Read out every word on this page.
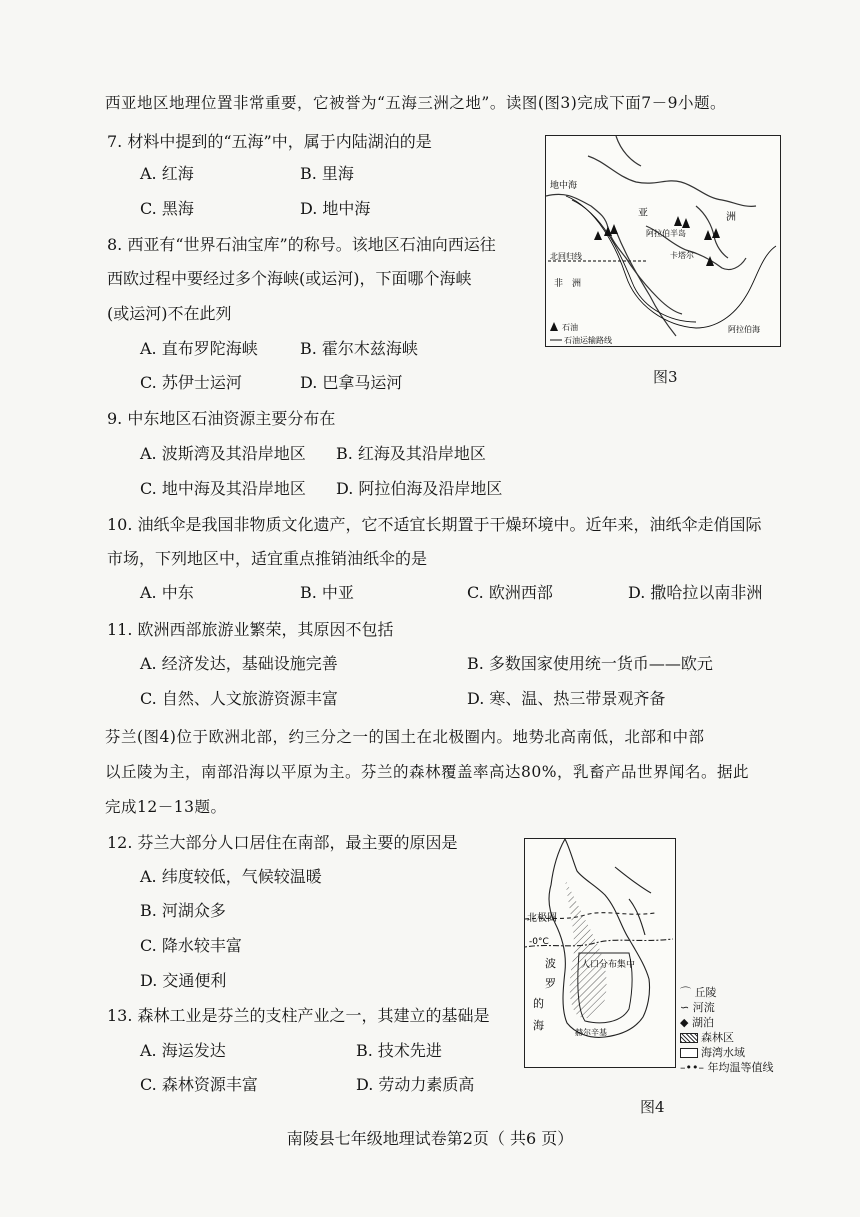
西亚地区地理位置非常重要，它被誉为“五海三洲之地”。读图(图3)完成下面7－9小题。
7. 材料中提到的“五海”中，属于内陆湖泊的是
A. 红海	B. 里海
C. 黑海	D. 地中海
8. 西亚有“世界石油宝库”的称号。该地区石油向西运往
西欧过程中要经过多个海峡(或运河)，下面哪个海峡
(或运河)不在此列
A. 直布罗陀海峡	B. 霍尔木兹海峡
C. 苏伊士运河	D. 巴拿马运河
地中海
亚	洲
阿拉伯半岛
北回归线	卡塔尔
非 洲
阿拉伯海
石油
石油运输路线
图3
9. 中东地区石油资源主要分布在
A. 波斯湾及其沿岸地区 B. 红海及其沿岸地区
C. 地中海及其沿岸地区 D. 阿拉伯海及沿岸地区
10. 油纸伞是我国非物质文化遗产，它不适宜长期置于干燥环境中。近年来，油纸伞走俏国际
市场，下列地区中，适宜重点推销油纸伞的是
A. 中东	B. 中亚	C. 欧洲西部	D. 撒哈拉以南非洲
11. 欧洲西部旅游业繁荣，其原因不包括
A. 经济发达，基础设施完善	B. 多数国家使用统一货币——欧元
C. 自然、人文旅游资源丰富	D. 寒、温、热三带景观齐备
芬兰(图4)位于欧洲北部，约三分之一的国土在北极圈内。地势北高南低，北部和中部
以丘陵为主，南部沿海以平原为主。芬兰的森林覆盖率高达80%，乳畜产品世界闻名。据此
完成12－13题。
12. 芬兰大部分人口居住在南部，最主要的原因是
A. 纬度较低，气候较温暖
B. 河湖众多
C. 降水较丰富
D. 交通便利
13. 森林工业是芬兰的支柱产业之一，其建立的基础是
A. 海运发达	B. 技术先进
C. 森林资源丰富	D. 劳动力素质高
北极圈
-0°C
波
罗
的
海
人口分布集中
赫尔辛基
⌒ 丘陵
∽ 河流
◆ 湖泊
森林区
海湾水域
–••– 年均温等值线
图4
南陵县七年级地理试卷第2页（ 共6 页）
